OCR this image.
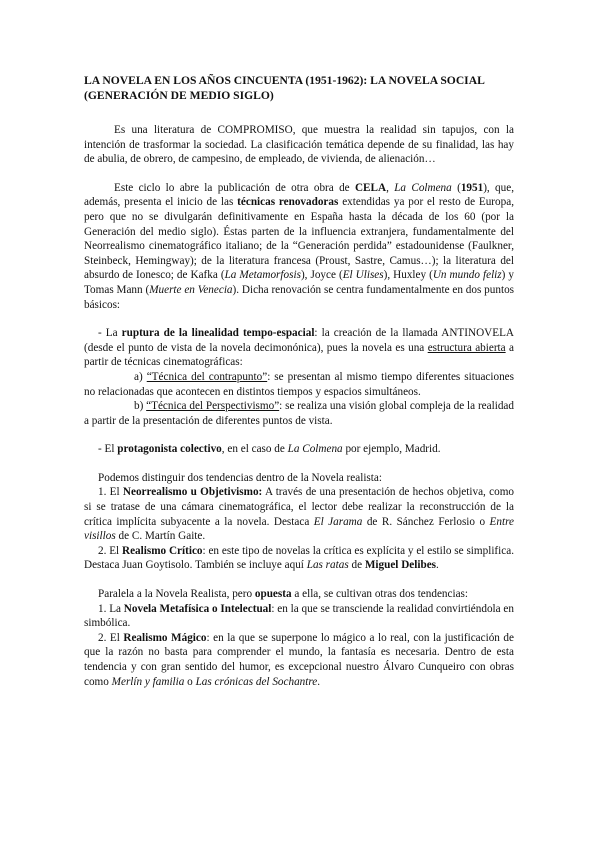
LA NOVELA EN LOS AÑOS CINCUENTA (1951-1962): LA NOVELA SOCIAL (GENERACIÓN DE MEDIO SIGLO)

Es una literatura de COMPROMISO, que muestra la realidad sin tapujos, con la intención de trasformar la sociedad. La clasificación temática depende de su finalidad, las hay de abulia, de obrero, de campesino, de empleado, de vivienda, de alienación…

Este ciclo lo abre la publicación de otra obra de CELA, La Colmena (1951), que, además, presenta el inicio de las técnicas renovadoras extendidas ya por el resto de Europa, pero que no se divulgarán definitivamente en España hasta la década de los 60 (por la Generación del medio siglo). Éstas parten de la influencia extranjera, fundamentalmente del Neorrealismo cinematográfico italiano; de la “Generación perdida” estadounidense (Faulkner, Steinbeck, Hemingway); de la literatura francesa (Proust, Sastre, Camus…); la literatura del absurdo de Ionesco; de Kafka (La Metamorfosis), Joyce (El Ulises), Huxley (Un mundo feliz) y Tomas Mann (Muerte en Venecia). Dicha renovación se centra fundamentalmente en dos puntos básicos:

- La ruptura de la linealidad tempo-espacial: la creación de la llamada ANTINOVELA (desde el punto de vista de la novela decimonónica), pues la novela es una estructura abierta a partir de técnicas cinematográficas:

a) “Técnica del contrapunto”: se presentan al mismo tiempo diferentes situaciones no relacionadas que acontecen en distintos tiempos y espacios simultáneos.

b) “Técnica del Perspectivismo”: se realiza una visión global compleja de la realidad a partir de la presentación de diferentes puntos de vista.

- El protagonista colectivo, en el caso de La Colmena por ejemplo, Madrid.

Podemos distinguir dos tendencias dentro de la Novela realista:

1. El Neorrealismo u Objetivismo: A través de una presentación de hechos objetiva, como si se tratase de una cámara cinematográfica, el lector debe realizar la reconstrucción de la crítica implícita subyacente a la novela. Destaca El Jarama de R. Sánchez Ferlosio o Entre visillos de C. Martín Gaite.

2. El Realismo Crítico: en este tipo de novelas la crítica es explícita y el estilo se simplifica. Destaca Juan Goytisolo. También se incluye aquí Las ratas de Miguel Delibes.

Paralela a la Novela Realista, pero opuesta a ella, se cultivan otras dos tendencias:

1. La Novela Metafísica o Intelectual: en la que se transciende la realidad convirtiéndola en simbólica.

2. El Realismo Mágico: en la que se superpone lo mágico a lo real, con la justificación de que la razón no basta para comprender el mundo, la fantasía es necesaria. Dentro de esta tendencia y con gran sentido del humor, es excepcional nuestro Álvaro Cunqueiro con obras como Merlín y familia o Las crónicas del Sochantre.
